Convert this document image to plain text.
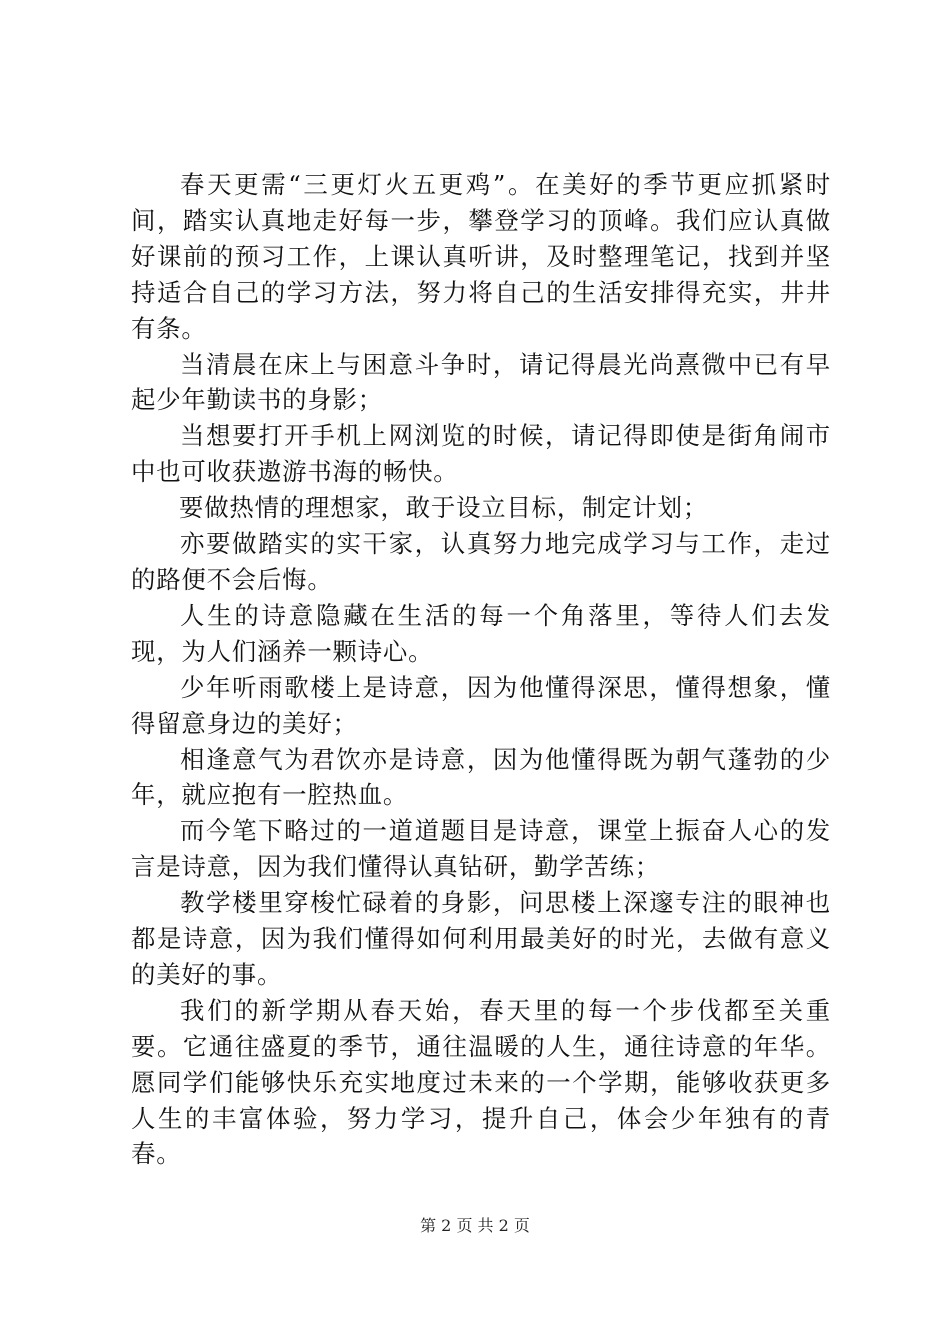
春天更需“三更灯火五更鸡”。在美好的季节更应抓紧时间，踏实认真地走好每一步，攀登学习的顶峰。我们应认真做好课前的预习工作，上课认真听讲，及时整理笔记，找到并坚持适合自己的学习方法，努力将自己的生活安排得充实，井井有条。

当清晨在床上与困意斗争时，请记得晨光尚熹微中已有早起少年勤读书的身影；

当想要打开手机上网浏览的时候，请记得即使是街角闹市中也可收获遨游书海的畅快。

要做热情的理想家，敢于设立目标，制定计划；

亦要做踏实的实干家，认真努力地完成学习与工作，走过的路便不会后悔。

人生的诗意隐藏在生活的每一个角落里，等待人们去发现，为人们涵养一颗诗心。

少年听雨歌楼上是诗意，因为他懂得深思，懂得想象，懂得留意身边的美好；

相逢意气为君饮亦是诗意，因为他懂得既为朝气蓬勃的少年，就应抱有一腔热血。

而今笔下略过的一道道题目是诗意，课堂上振奋人心的发言是诗意，因为我们懂得认真钻研，勤学苦练；

教学楼里穿梭忙碌着的身影，问思楼上深邃专注的眼神也都是诗意，因为我们懂得如何利用最美好的时光，去做有意义的美好的事。

我们的新学期从春天始，春天里的每一个步伐都至关重要。它通往盛夏的季节，通往温暖的人生，通往诗意的年华。愿同学们能够快乐充实地度过未来的一个学期，能够收获更多人生的丰富体验，努力学习，提升自己，体会少年独有的青春。

第 2 页 共 2 页
